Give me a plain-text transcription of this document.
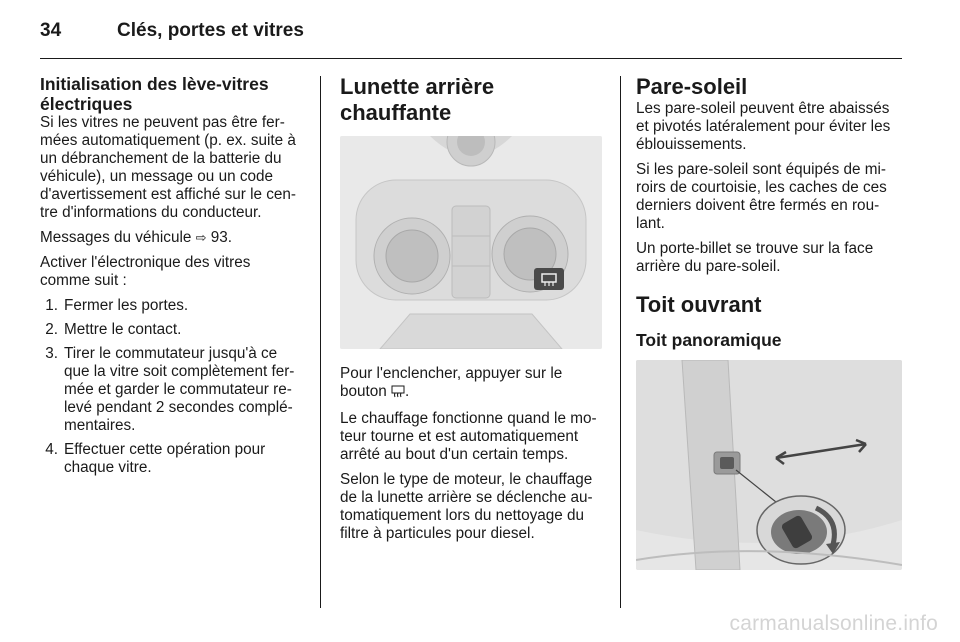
34	Clés, portes et vitres
Initialisation des lève-vitres électriques

Si les vitres ne peuvent pas être fer-mées automatiquement (p. ex. suite à un débranchement de la batterie du véhicule), un message ou un code d'avertissement est affiché sur le cen-tre d'informations du conducteur.

Messages du véhicule ⇨ 93.

Activer l'électronique des vitres comme suit :

1. Fermer les portes.
2. Mettre le contact.
3. Tirer le commutateur jusqu'à ce que la vitre soit complètement fer-mée et garder le commutateur re-levé pendant 2 secondes complé-mentaires.
4. Effectuer cette opération pour chaque vitre.
Lunette arrière chauffante

Pour l'enclencher, appuyer sur le bouton .

Le chauffage fonctionne quand le mo-teur tourne et est automatiquement arrêté au bout d'un certain temps.

Selon le type de moteur, le chauffage de la lunette arrière se déclenche au-tomatiquement lors du nettoyage du filtre à particules pour diesel.

Pare-soleil

Les pare-soleil peuvent être abaissés et pivotés latéralement pour éviter les éblouissements.

Si les pare-soleil sont équipés de mi-roirs de courtoisie, les caches de ces derniers doivent être fermés en rou-lant.

Un porte-billet se trouve sur la face arrière du pare-soleil.

Toit ouvrant
Toit panoramique
carmanualsonline.info
